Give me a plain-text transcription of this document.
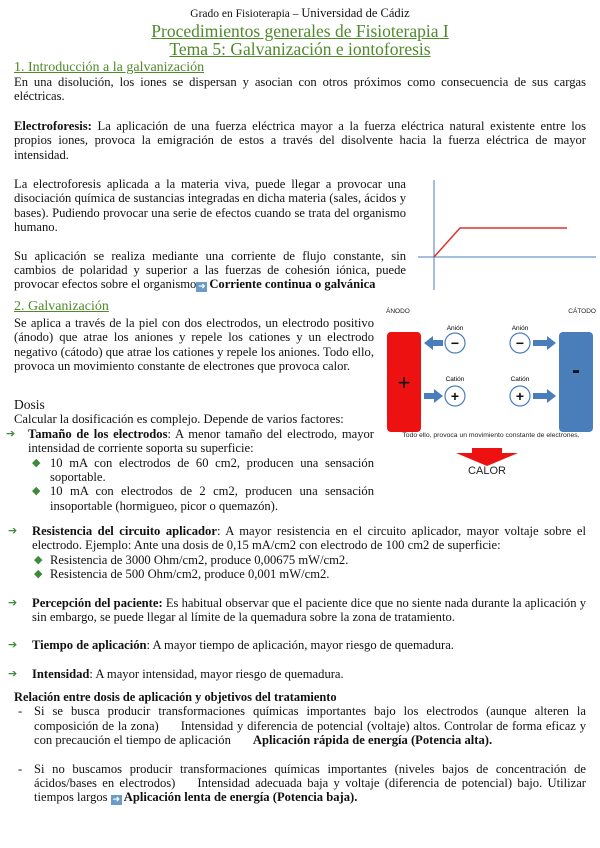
Grado en Fisioterapia – Universidad de Cádiz
Procedimientos generales de Fisioterapia I
Tema 5: Galvanización e iontoforesis
1. Introducción a la galvanización

En una disolución, los iones se dispersan y asocian con otros próximos como consecuencia de sus cargas eléctricas.

Electroforesis: La aplicación de una fuerza eléctrica mayor a la fuerza eléctrica natural existente entre los propios iones, provoca la emigración de estos a través del disolvente hacia la fuerza eléctrica de mayor intensidad.

La electroforesis aplicada a la materia viva, puede llegar a provocar una disociación química de sustancias integradas en dicha materia (sales, ácidos y bases). Pudiendo provocar una serie de efectos cuando se trata del organismo humano.

Su aplicación se realiza mediante una corriente de flujo constante, sin cambios de polaridad y superior a las fuerzas de cohesión iónica, puede provocar efectos sobre el organismo ➜ Corriente continua o galvánica

2. Galvanización

Se aplica a través de la piel con dos electrodos, un electrodo positivo (ánodo) que atrae los aniones y repele los cationes y un electrodo negativo (cátodo) que atrae los cationes y repele los aniones. Todo ello, provoca un movimiento constante de electrones que provoca calor.

ÁNODO	CÁTODO
+	-
Anión	Anión
Catión	Catión
−	−
+	+
Todo ello, provoca un movimiento constante de electrones.
CALOR
Dosis

Calcular la dosificación es complejo. Depende de varios factores:

➔ Tamaño de los electrodos: A menor tamaño del electrodo, mayor intensidad de corriente soporta su superficie:

◆ 10 mA con electrodos de 60 cm2, producen una sensación soportable.

◆ 10 mA con electrodos de 2 cm2, producen una sensación insoportable (hormigueo, picor o quemazón).

➔ Resistencia del circuito aplicador: A mayor resistencia en el circuito aplicador, mayor voltaje sobre el electrodo. Ejemplo: Ante una dosis de 0,15 mA/cm2 con electrodo de 100 cm2 de superficie:

◆ Resistencia de 3000 Ohm/cm2, produce 0,00675 mW/cm2.

◆ Resistencia de 500 Ohm/cm2, produce 0,001 mW/cm2.

➔ Percepción del paciente: Es habitual observar que el paciente dice que no siente nada durante la aplicación y sin embargo, se puede llegar al límite de la quemadura sobre la zona de tratamiento.

➔ Tiempo de aplicación: A mayor tiempo de aplicación, mayor riesgo de quemadura.

➔ Intensidad: A mayor intensidad, mayor riesgo de quemadura.

Relación entre dosis de aplicación y objetivos del tratamiento
- Si se busca producir transformaciones químicas importantes bajo los electrodos (aunque alteren la composición de la zona) Intensidad y diferencia de potencial (voltaje) altos. Controlar de forma eficaz y con precaución el tiempo de aplicación Aplicación rápida de energía (Potencia alta).

- Si no buscamos producir transformaciones químicas importantes (niveles bajos de concentración de ácidos/bases en electrodos) Intensidad adecuada baja y voltaje (diferencia de potencial) bajo. Utilizar tiempos largos ➜ Aplicación lenta de energía (Potencia baja).
